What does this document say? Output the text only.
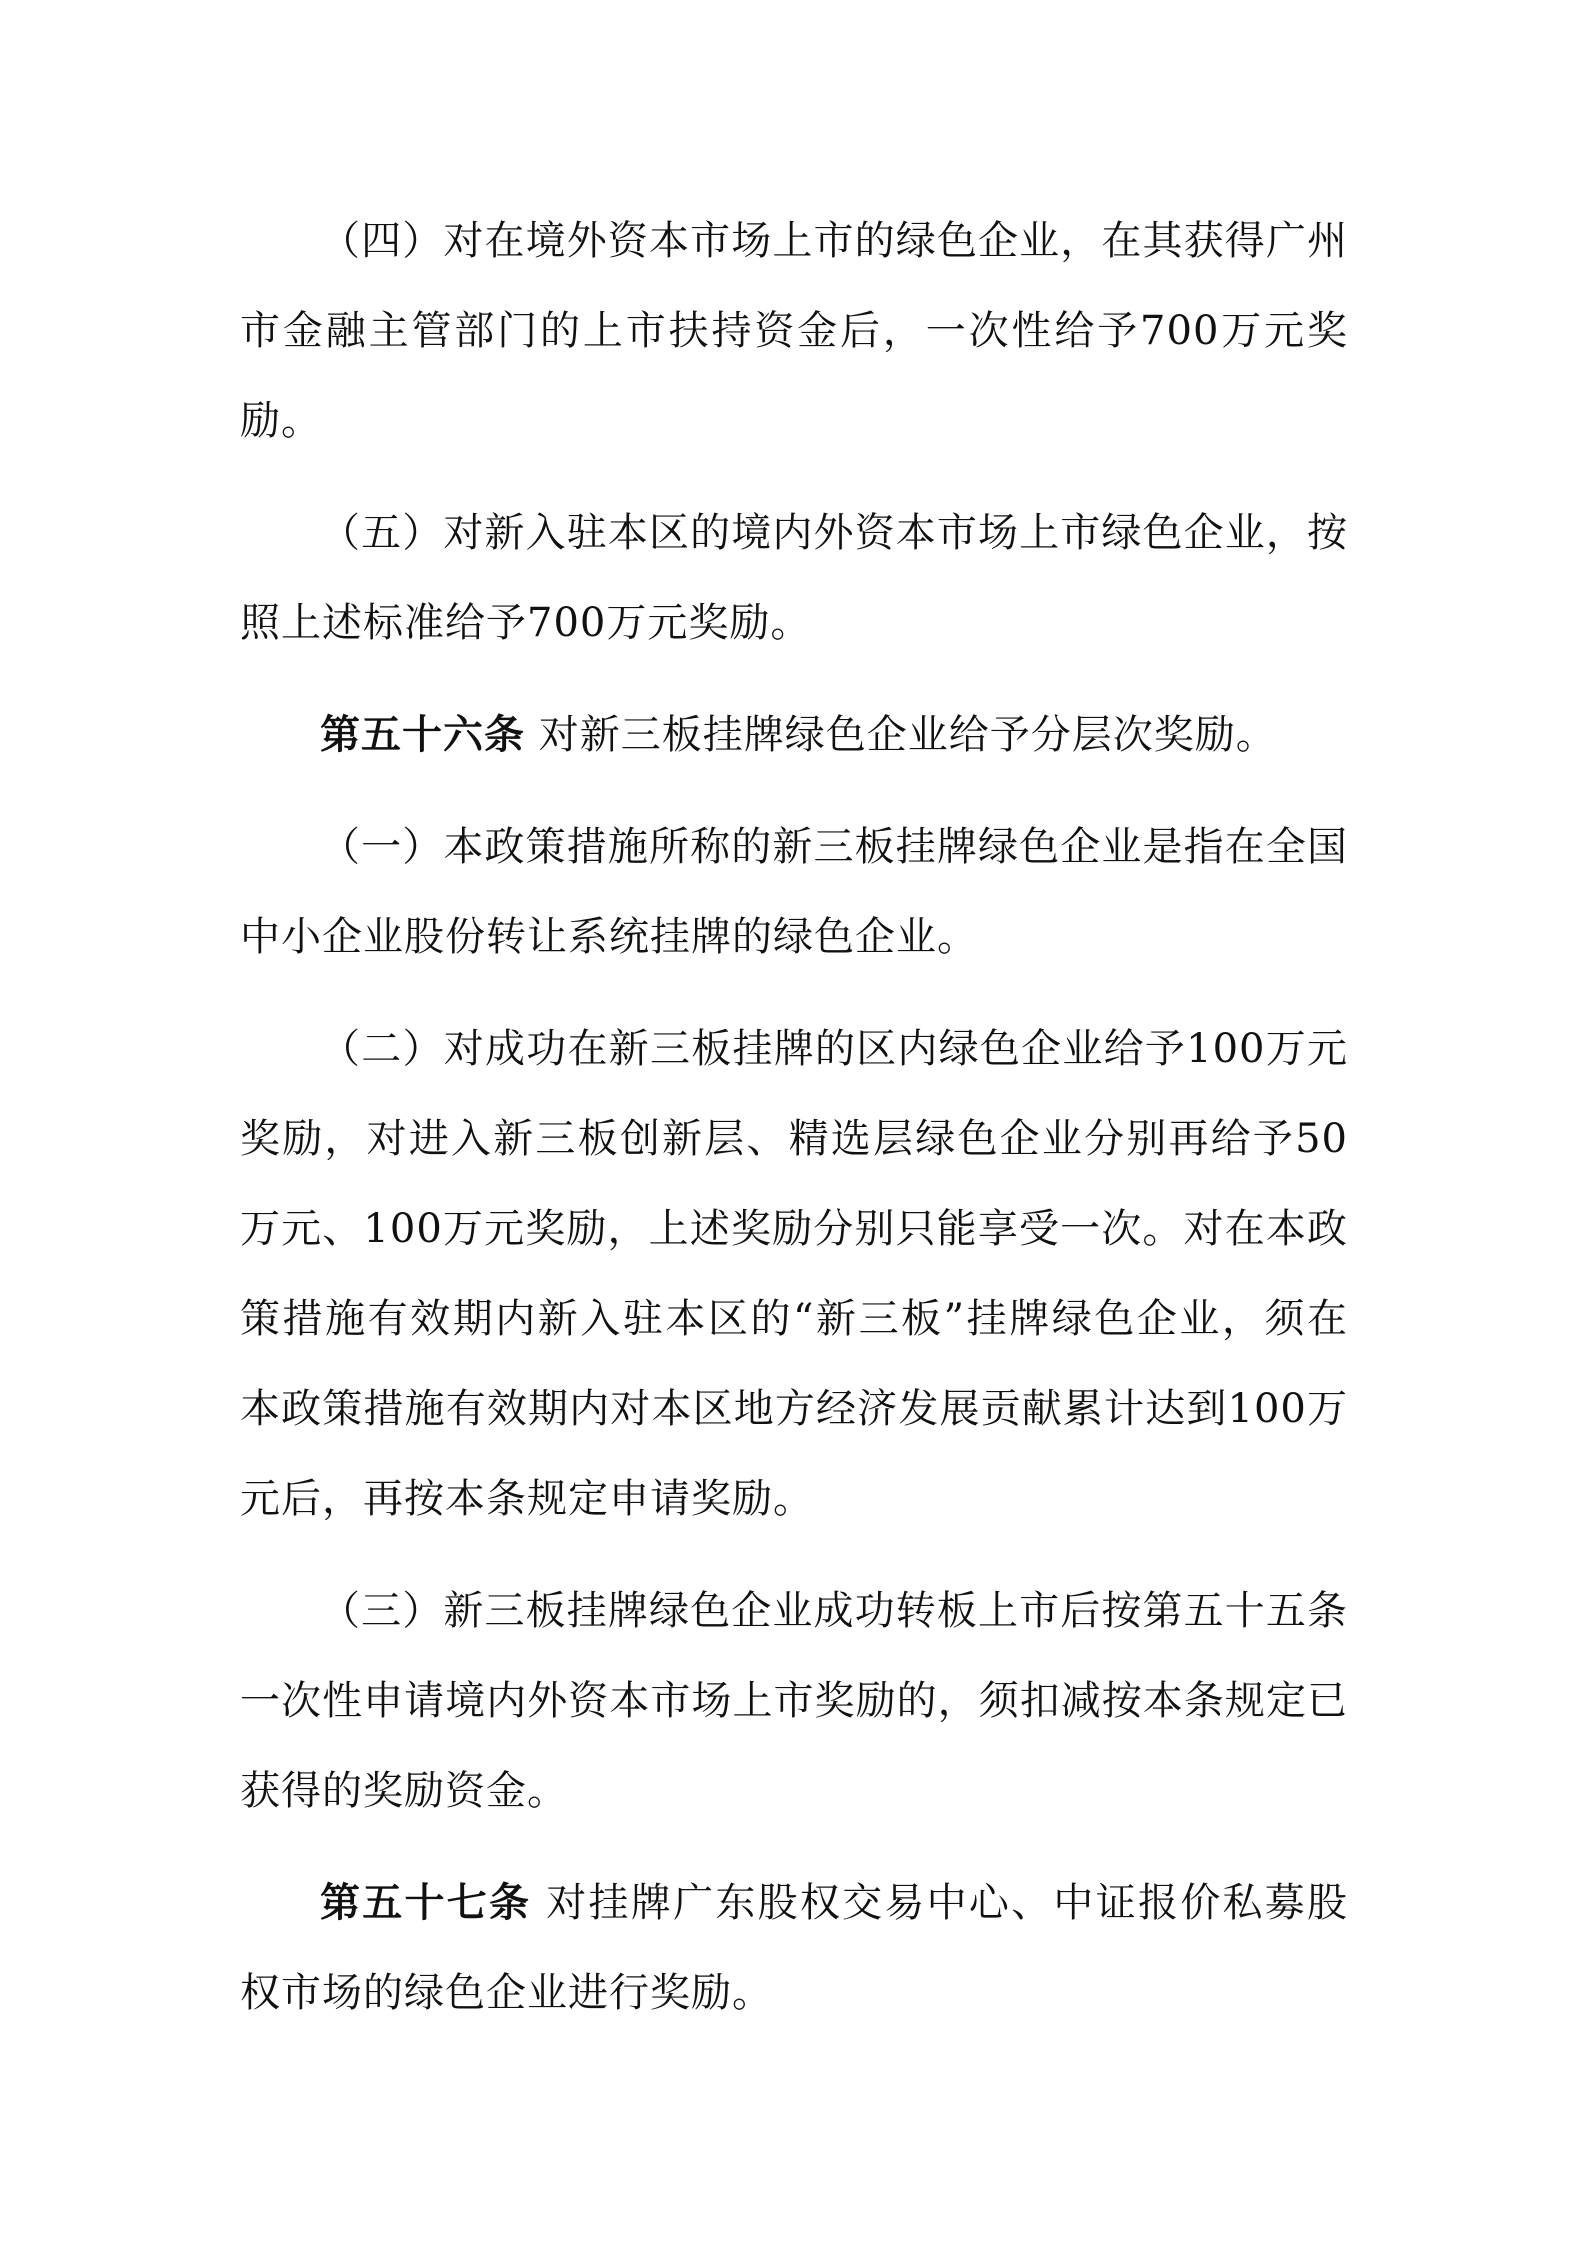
（四）对在境外资本市场上市的绿色企业，在其获得广州市金融主管部门的上市扶持资金后，一次性给予700万元奖励。

（五）对新入驻本区的境内外资本市场上市绿色企业，按照上述标准给予700万元奖励。

第五十六条 对新三板挂牌绿色企业给予分层次奖励。

（一）本政策措施所称的新三板挂牌绿色企业是指在全国中小企业股份转让系统挂牌的绿色企业。

（二）对成功在新三板挂牌的区内绿色企业给予100万元奖励，对进入新三板创新层、精选层绿色企业分别再给予50万元、100万元奖励，上述奖励分别只能享受一次。对在本政策措施有效期内新入驻本区的“新三板”挂牌绿色企业，须在本政策措施有效期内对本区地方经济发展贡献累计达到100万元后，再按本条规定申请奖励。

（三）新三板挂牌绿色企业成功转板上市后按第五十五条一次性申请境内外资本市场上市奖励的，须扣减按本条规定已获得的奖励资金。

第五十七条 对挂牌广东股权交易中心、中证报价私募股权市场的绿色企业进行奖励。
